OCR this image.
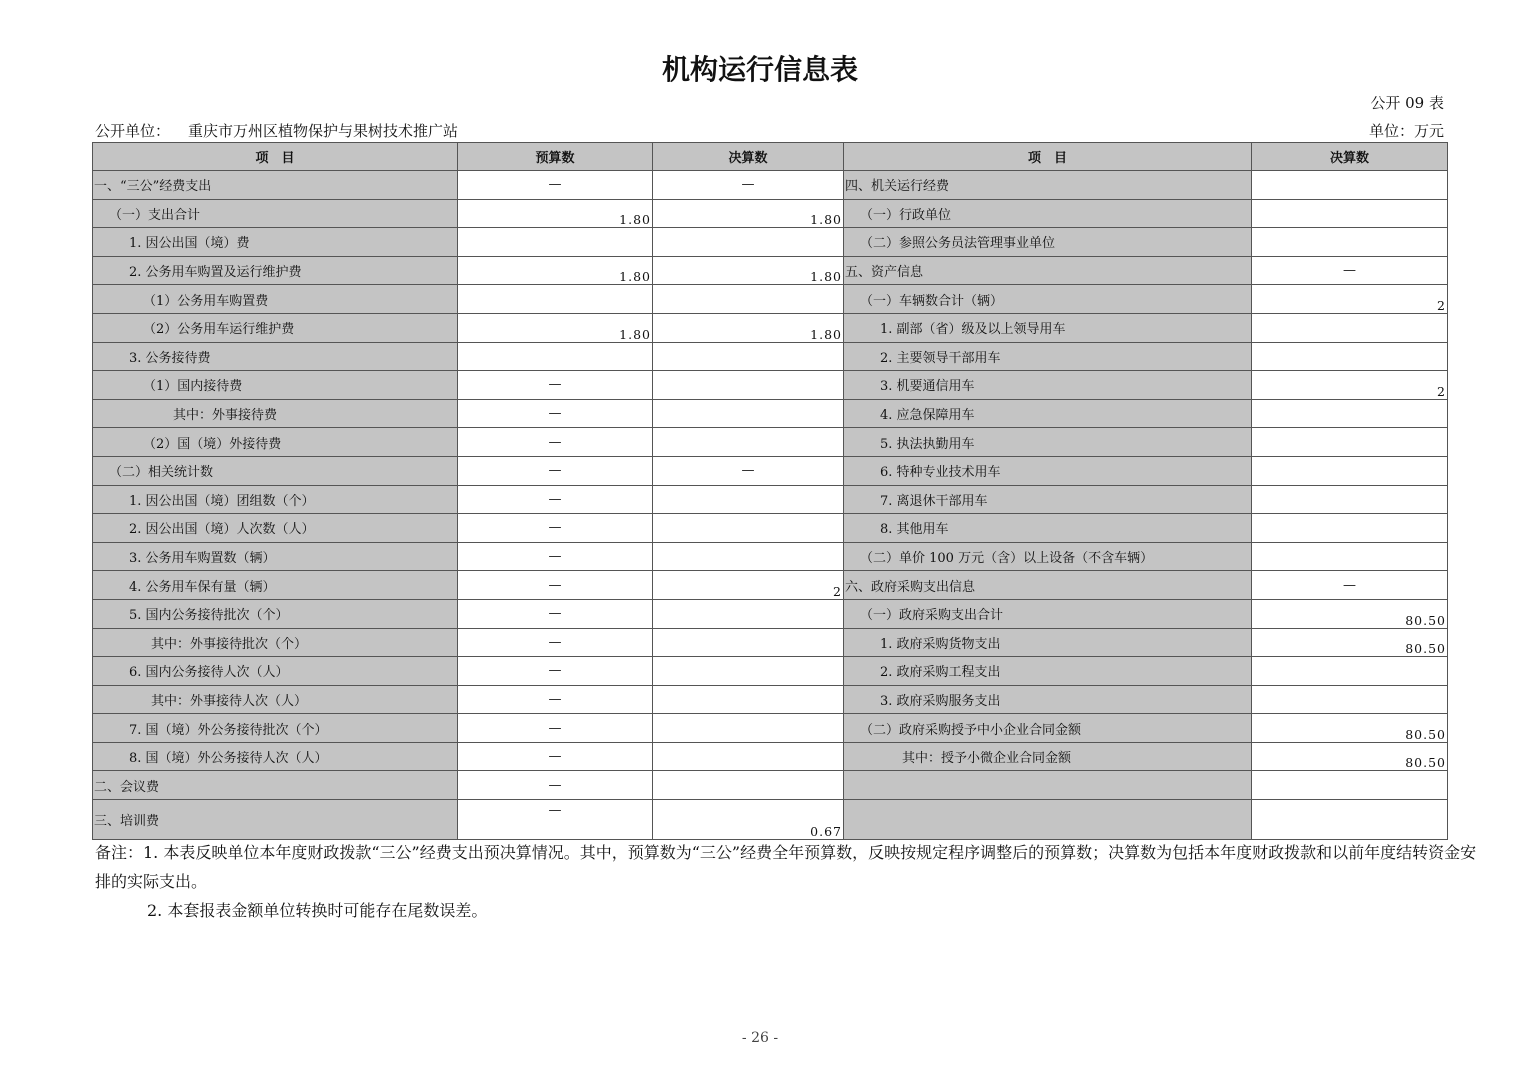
机构运行信息表
公开 09 表
公开单位： 重庆市万州区植物保护与果树技术推广站	单位：万元
项　目	预算数	决算数	项　目	决算数
一、“三公”经费支出	—	—	四、机关运行经费	
（一）支出合计	1.80	1.80	（一）行政单位	
1. 因公出国（境）费			（二）参照公务员法管理事业单位	
2. 公务用车购置及运行维护费	1.80	1.80	五、资产信息	—
（1）公务用车购置费			（一）车辆数合计（辆）	2
（2）公务用车运行维护费	1.80	1.80	1. 副部（省）级及以上领导用车	
3. 公务接待费			2. 主要领导干部用车	
（1）国内接待费	—		3. 机要通信用车	2
其中：外事接待费	—		4. 应急保障用车	
（2）国（境）外接待费	—		5. 执法执勤用车	
（二）相关统计数	—	—	6. 特种专业技术用车	
1. 因公出国（境）团组数（个）	—		7. 离退休干部用车	
2. 因公出国（境）人次数（人）	—		8. 其他用车	
3. 公务用车购置数（辆）	—		（二）单价 100 万元（含）以上设备（不含车辆）	
4. 公务用车保有量（辆）	—	2	六、政府采购支出信息	—
5. 国内公务接待批次（个）	—		（一）政府采购支出合计	80.50
其中：外事接待批次（个）	—		1. 政府采购货物支出	80.50
6. 国内公务接待人次（人）	—		2. 政府采购工程支出	
其中：外事接待人次（人）	—		3. 政府采购服务支出	
7. 国（境）外公务接待批次（个）	—		（二）政府采购授予中小企业合同金额	80.50
8. 国（境）外公务接待人次（人）	—		其中：授予小微企业合同金额	80.50
二、会议费	—			
三、培训费	—	0.67		

备注：1. 本表反映单位本年度财政拨款“三公”经费支出预决算情况。其中，预算数为“三公”经费全年预算数，反映按规定程序调整后的预算数；决算数为包括本年度财政拨款和以前年度结转资金安排的实际支出。

2. 本套报表金额单位转换时可能存在尾数误差。

- 26 -
